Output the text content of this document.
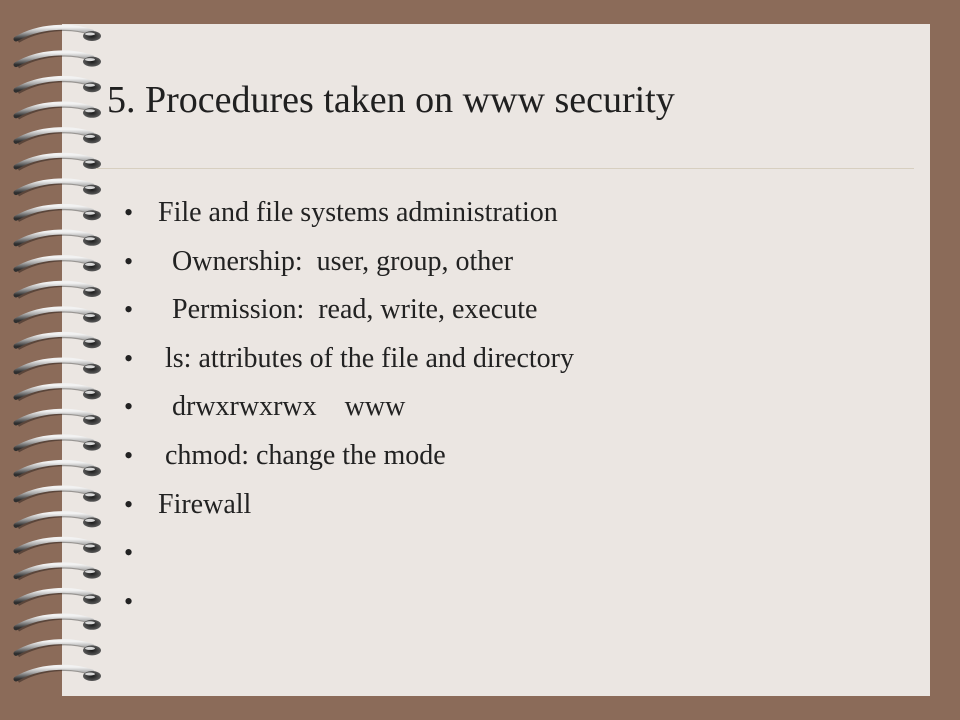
5. Procedures taken on www security
• File and file systems administration
• Ownership:  user, group, other
• Permission:  read, write, execute
• ls: attributes of the file and directory
• drwxrwxrwx    www
• chmod: change the mode
• Firewall
•
•
